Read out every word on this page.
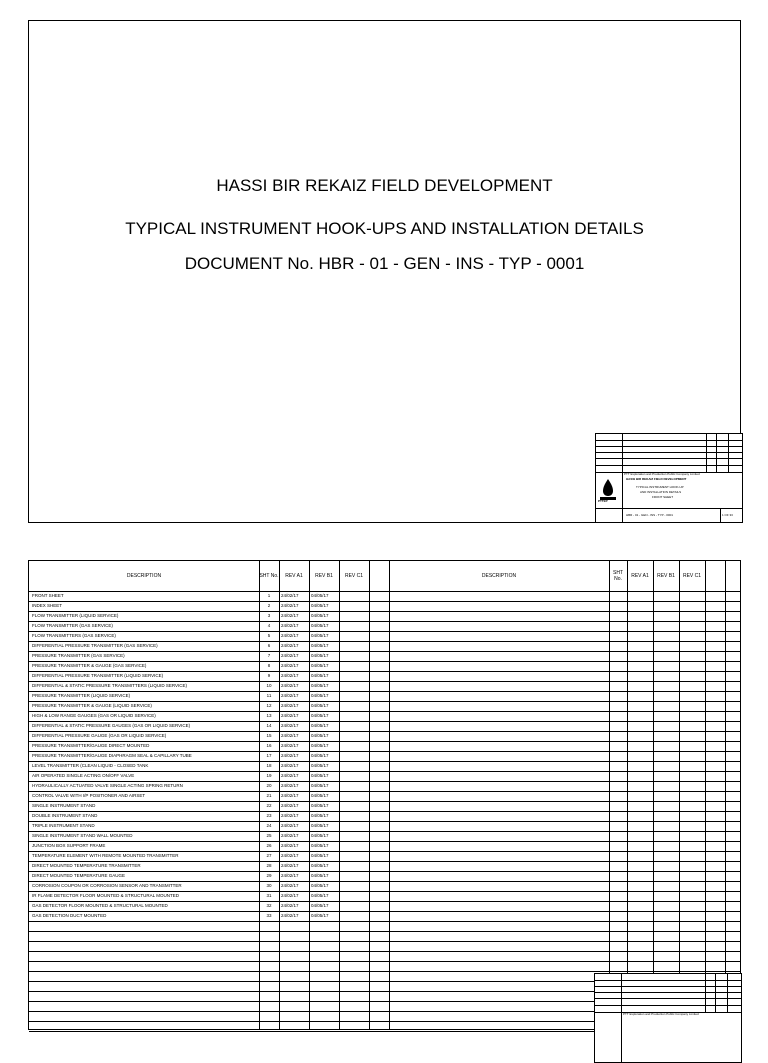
HASSI BIR REKAIZ FIELD DEVELOPMENT
TYPICAL INSTRUMENT HOOK-UPS AND INSTALLATION DETAILS
DOCUMENT No. HBR - 01 - GEN - INS - TYP - 0001
PTTEP
PTT Exploration and Production Public Company Limited
HASSI BIR REKAIZ FIELD DEVELOPMENT
TYPICAL INSTRUMENT HOOK-UP
AND INSTALLATION DETAILS
FRONT SHEET
HBR - 01 - GEN - INS - TYP - 0001	1 OF 33
DESCRIPTION	SHT No.	REV A1	REV B1	REV C1	DESCRIPTION	SHT No.	REV A1	REV B1	REV C1
FRONT SHEET	1	24/02/17	04/05/17
INDEX SHEET	2	24/02/17	04/05/17
FLOW TRANSMITTER (LIQUID SERVICE)	3	24/02/17	04/05/17
FLOW TRANSMITTER (GAS SERVICE)	4	24/02/17	04/05/17
FLOW TRANSMITTERS (GAS SERVICE)	5	24/02/17	04/05/17
DIFFERENTIAL PRESSURE TRANSMITTER (GAS SERVICE)	6	24/02/17	04/05/17
PRESSURE TRANSMITTER (GAS SERVICE)	7	24/02/17	04/05/17
PRESSURE TRANSMITTER & GAUGE (GAS SERVICE)	8	24/02/17	04/05/17
DIFFERENTIAL PRESSURE TRANSMITTER (LIQUID SERVICE)	9	24/02/17	04/05/17
DIFFERENTIAL & STATIC PRESSURE TRANSMITTERS (LIQUID SERVICE)	10	24/02/17	04/05/17
PRESSURE TRANSMITTER (LIQUID SERVICE)	11	24/02/17	04/05/17
PRESSURE TRANSMITTER & GAUGE (LIQUID SERVICE)	12	24/02/17	04/05/17
HIGH & LOW RANGE GAUGES (GAS OR LIQUID SERVICE)	13	24/02/17	04/05/17
DIFFERENTIAL & STATIC PRESSURE GAUGES (GAS OR LIQUID SERVICE)	14	24/02/17	04/05/17
DIFFERENTIAL PRESSURE GAUGE (GAS OR LIQUID SERVICE)	15	24/02/17	04/05/17
PRESSURE TRANSMITTER/GAUGE DIRECT MOUNTED	16	24/02/17	04/05/17
PRESSURE TRANSMITTER/GAUGE DIAPHRAGM SEAL & CAPILLARY TUBE	17	24/02/17	04/05/17
LEVEL TRANSMITTER (CLEAN LIQUID - CLOSED TANK	18	24/02/17	04/05/17
AIR OPERATED SINGLE ACTING ON/OFF VALVE	19	24/02/17	04/05/17
HYDRAULICALLY ACTUATED VALVE SINGLE ACTING SPRING RETURN	20	24/02/17	04/05/17
CONTROL VALVE WITH I/P POSITIONER AND AIRSET	21	24/02/17	04/05/17
SINGLE INSTRUMENT STAND	22	24/02/17	04/05/17
DOUBLE INSTRUMENT STAND	23	24/02/17	04/05/17
TRIPLE INSTRUMENT STAND	24	24/02/17	04/05/17
SINGLE INSTRUMENT STAND WALL MOUNTED	25	24/02/17	04/05/17
JUNCTION BOX SUPPORT FRAME	26	24/02/17	04/05/17
TEMPERATURE ELEMENT WITH REMOTE MOUNTED TRANSMITTER	27	24/02/17	04/05/17
DIRECT MOUNTED TEMPERATURE TRANSMITTER	28	24/02/17	04/05/17
DIRECT MOUNTED TEMPERATURE GAUGE	29	24/02/17	04/05/17
CORROSION COUPON OR CORROSION SENSOR AND TRANSMITTER	30	24/02/17	04/05/17
IR FLAME DETECTOR FLOOR MOUNTED & STRUCTURAL MOUNTED	31	24/02/17	04/05/17
GAS DETECTOR FLOOR MOUNTED & STRUCTURAL MOUNTED	32	24/02/17	04/05/17
GAS DETECTION DUCT MOUNTED	33	24/02/17	04/05/17
PTT Exploration and Production Public Company Limited
